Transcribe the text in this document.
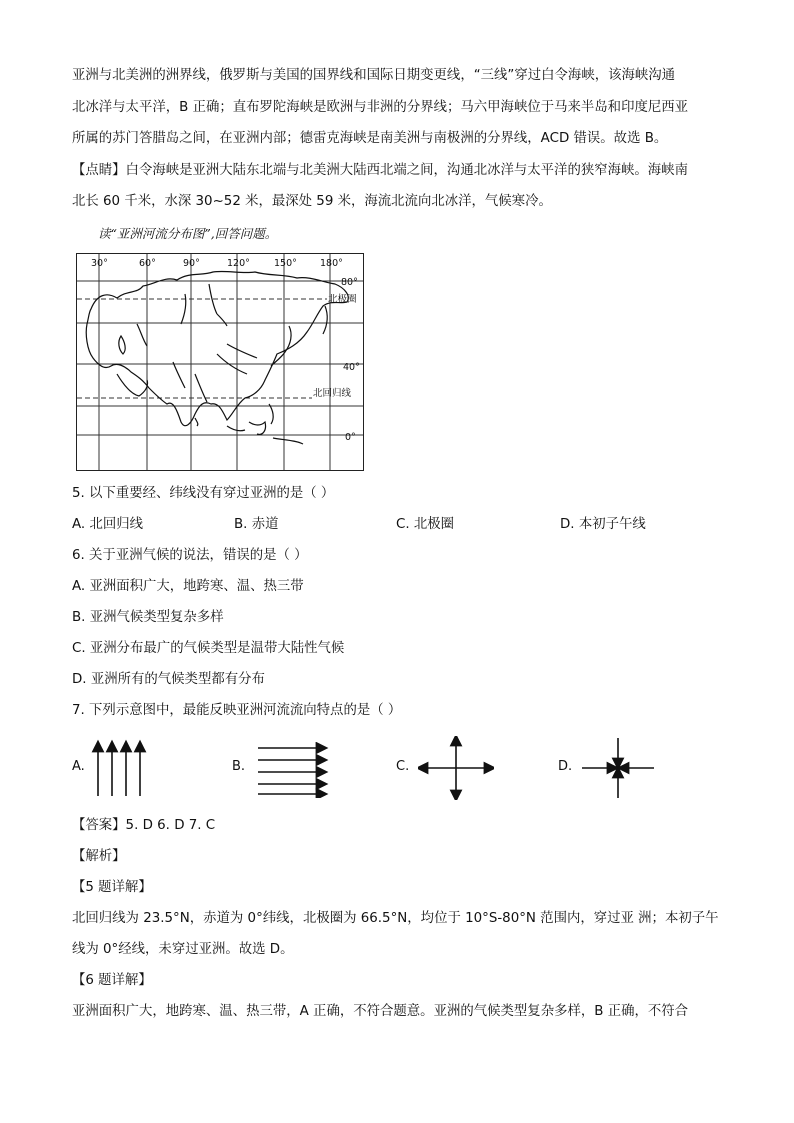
亚洲与北美洲的洲界线，俄罗斯与美国的国界线和国际日期变更线，“三线”穿过白令海峡，该海峡沟通
北冰洋与太平洋，B 正确；直布罗陀海峡是欧洲与非洲的分界线；马六甲海峡位于马来半岛和印度尼西亚
所属的苏门答腊岛之间，在亚洲内部；德雷克海峡是南美洲与南极洲的分界线，ACD 错误。故选 B。
【点睛】白令海峡是亚洲大陆东北端与北美洲大陆西北端之间，沟通北冰洋与太平洋的狭窄海峡。海峡南
北长 60 千米，水深 30~52 米，最深处 59 米，海流北流向北冰洋，气候寒冷。
读“亚洲河流分布图”,回答问题。
30°	60°	90°	120°	150° 180°
80°
40°
0°
北极圈
北回归线
5. 以下重要经、纬线没有穿过亚洲的是（ ）
A. 北回归线	B. 赤道	C. 北极圈	D. 本初子午线
6. 关于亚洲气候的说法，错误的是（ ）
A. 亚洲面积广大，地跨寒、温、热三带
B. 亚洲气候类型复杂多样
C. 亚洲分布最广的气候类型是温带大陆性气候
D. 亚洲所有的气候类型都有分布
7. 下列示意图中，最能反映亚洲河流流向特点的是（ ）
A.	B.	C.	D.
【答案】5. D 6. D 7. C
【解析】
【5 题详解】
北回归线为 23.5°N，赤道为 0°纬线，北极圈为 66.5°N，均位于 10°S-80°N 范围内，穿过亚 洲；本初子午
线为 0°经线，未穿过亚洲。故选 D。
【6 题详解】
亚洲面积广大，地跨寒、温、热三带，A 正确，不符合题意。亚洲的气候类型复杂多样，B 正确，不符合
